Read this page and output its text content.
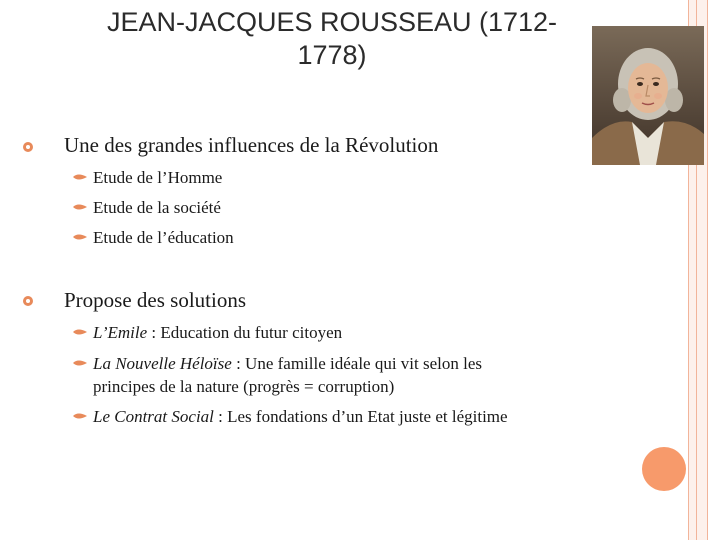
JEAN-JACQUES ROUSSEAU (1712-
1778)
Une des grandes influences de la Révolution
Etude de l’Homme
Etude de la société
Etude de l’éducation
Propose des solutions
L’Emile : Education du futur citoyen
La Nouvelle Héloïse : Une famille idéale qui vit selon les
principes de la nature (progrès = corruption)
Le Contrat Social : Les fondations d’un Etat juste et légitime
